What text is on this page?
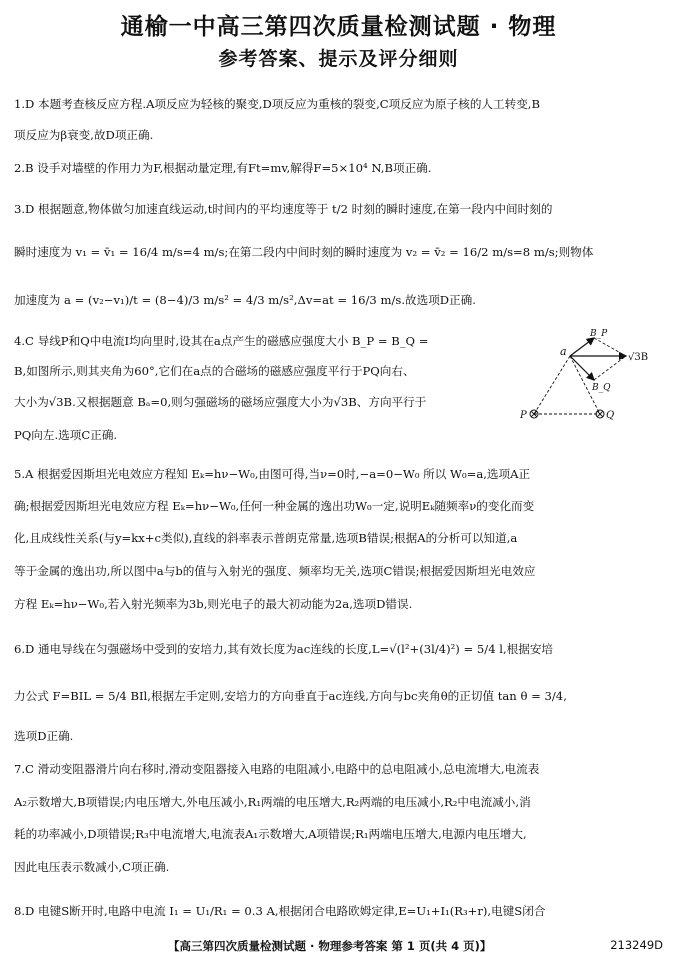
通榆一中高三第四次质量检测试题 · 物理
参考答案、提示及评分细则
1.D 本题考查核反应方程.A项反应为轻核的聚变,D项反应为重核的裂变,C项反应为原子核的人工转变,B
项反应为β衰变,故D项正确.
2.B 设手对墙壁的作用力为F,根据动量定理,有Ft=mv,解得F=5×10⁴ N,B项正确.
3.D 根据题意,物体做匀加速直线运动,t时间内的平均速度等于 t/2 时刻的瞬时速度,在第一段内中间时刻的
瞬时速度为 v₁ = v̄₁ = 16/4 m/s=4 m/s;在第二段内中间时刻的瞬时速度为 v₂ = v̄₂ = 16/2 m/s=8 m/s;则物体
加速度为 a = (v₂−v₁)/t = (8−4)/3 m/s² = 4/3 m/s²,Δv=at = 16/3 m/s.故选项D正确.
4.C 导线P和Q中电流I均向里时,设其在a点产生的磁感应强度大小 B_P = B_Q =
B,如图所示,则其夹角为60°,它们在a点的合磁场的磁感应强度平行于PQ向右、
大小为√3B.又根据题意 Bₐ=0,则匀强磁场的磁场应强度大小为√3B、方向平行于
PQ向左.选项C正确.
a
B_P
B_Q
√3B
P	Q
5.A 根据爱因斯坦光电效应方程知 Eₖ=hν−W₀,由图可得,当ν=0时,−a=0−W₀ 所以 W₀=a,选项A正
确;根据爱因斯坦光电效应方程 Eₖ=hν−W₀,任何一种金属的逸出功W₀一定,说明Eₖ随频率ν的变化而变
化,且成线性关系(与y=kx+c类似),直线的斜率表示普朗克常量,选项B错误;根据A的分析可以知道,a
等于金属的逸出功,所以图中a与b的值与入射光的强度、频率均无关,选项C错误;根据爱因斯坦光电效应
方程 Eₖ=hν−W₀,若入射光频率为3b,则光电子的最大初动能为2a,选项D错误.
6.D 通电导线在匀强磁场中受到的安培力,其有效长度为ac连线的长度,L=√(l²+(3l/4)²) = 5/4 l,根据安培
力公式 F=BIL = 5/4 BIl,根据左手定则,安培力的方向垂直于ac连线,方向与bc夹角θ的正切值 tan θ = 3/4,
选项D正确.
7.C 滑动变阻器滑片向右移时,滑动变阻器接入电路的电阻减小,电路中的总电阻减小,总电流增大,电流表
A₂示数增大,B项错误;内电压增大,外电压减小,R₁两端的电压增大,R₂两端的电压减小,R₂中电流减小,消
耗的功率减小,D项错误;R₃中电流增大,电流表A₁示数增大,A项错误;R₁两端电压增大,电源内电压增大,
因此电压表示数减小,C项正确.
8.D 电键S断开时,电路中电流 I₁ = U₁/R₁ = 0.3 A,根据闭合电路欧姆定律,E=U₁+I₁(R₃+r),电键S闭合
【高三第四次质量检测试题 · 物理参考答案 第 1 页(共 4 页)】	213249D
